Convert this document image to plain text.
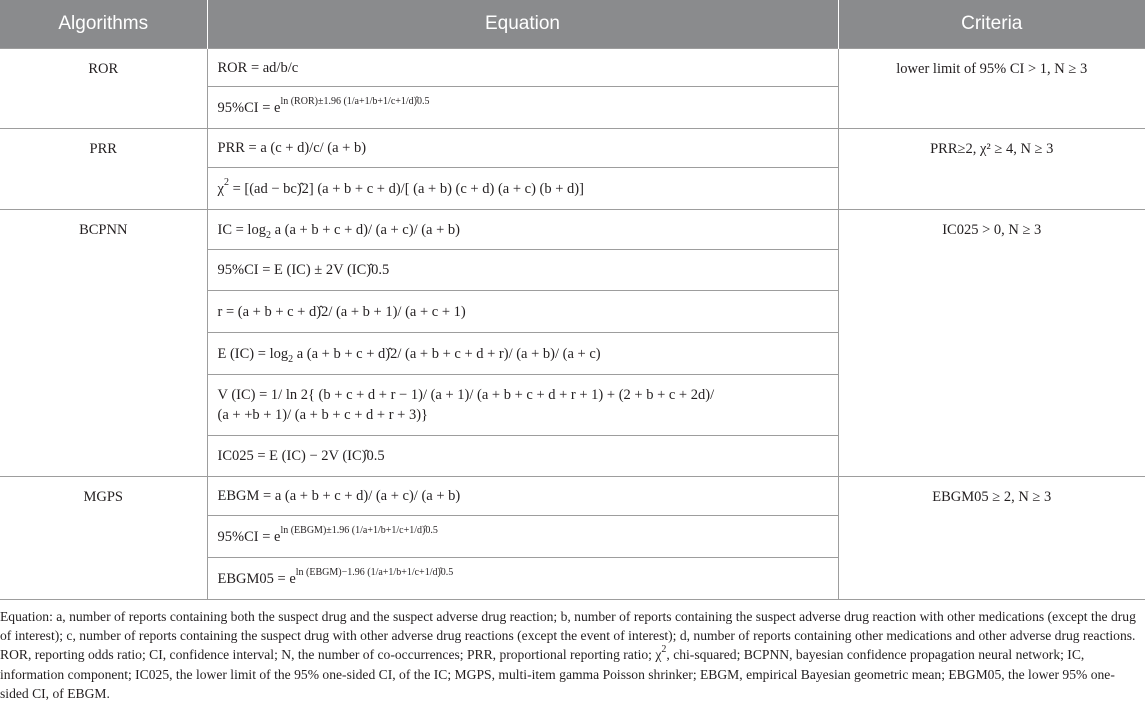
Algorithms	Equation	Criteria
ROR	ROR = ad/b/c	lower limit of 95% CI > 1, N ≥ 3
	$95\%CI = e^{ln (ROR)\pm 1.96 (1/a+1/b+1/c+1/d)̂0.5}$
PRR	PRR = a (c + d)/c/ (a + b)	PRR≥2, χ² ≥ 4, N ≥ 3
	$\chi^2 = [(ad$ − bc)̂2] (a + b + c + d)/[ (a + b) (c + d) (a + c) (b + d)]	
BCPNN	IC = $\log_2 a$ (a + b + c + d)/ (a + c)/ (a + b)	IC025 > 0, N ≥ 3
	95%CI = E (IC) ± 2V (IC)̂0.5	
	r = (a + b + c + d)̂2/ (a + b + 1)/ (a + c + 1)	
	E $(IC) = \log_2 a$ (a + b + c + d)̂2/ (a + b + c + d + r)/ (a + b)/ (a + c)	

	V (IC) = 1/ ln 2{ (b + c + d + r − 1)/ (a + 1)/ (a + b + c + d + r + 1) + (2 + b + c + 2d)/
(a + +b + 1)/ (a + b + c + d + r + 3)}	

	IC025 = E (IC) − 2V (IC)̂0.5	
MGPS	EBGM = a (a + b + c + d)/ (a + c)/ (a + b)	EBGM05 ≥ 2, N ≥ 3
	$95\%CI = e^{ln (EBGM)\pm 1.96 (1/a+1/b+1/c+1/d)̂0.5}$
	EBGM05 = $e^{ln (EBGM)-1.96 (1/a+1/b+1/c+1/d)̂0.5}$

Equation: a, number of reports containing both the suspect drug and the suspect adverse drug reaction; b, number of reports containing the suspect adverse drug reaction with other medications (except the drug of interest); c, number of reports containing the suspect drug with other adverse drug reactions (except the event of interest); d, number of reports containing other medications and other adverse drug reactions. ROR, reporting odds ratio; CI, confidence interval; N, the number of co-occurrences; PRR, proportional reporting ratio; $\chi^2$, chi-squared; BCPNN, bayesian confidence propagation neural network; IC, information component; IC025, the lower limit of the 95% one-sided CI, of the IC; MGPS, multi-item gamma Poisson shrinker; EBGM, empirical Bayesian geometric mean; EBGM05, the lower 95% one-sided CI, of EBGM.
